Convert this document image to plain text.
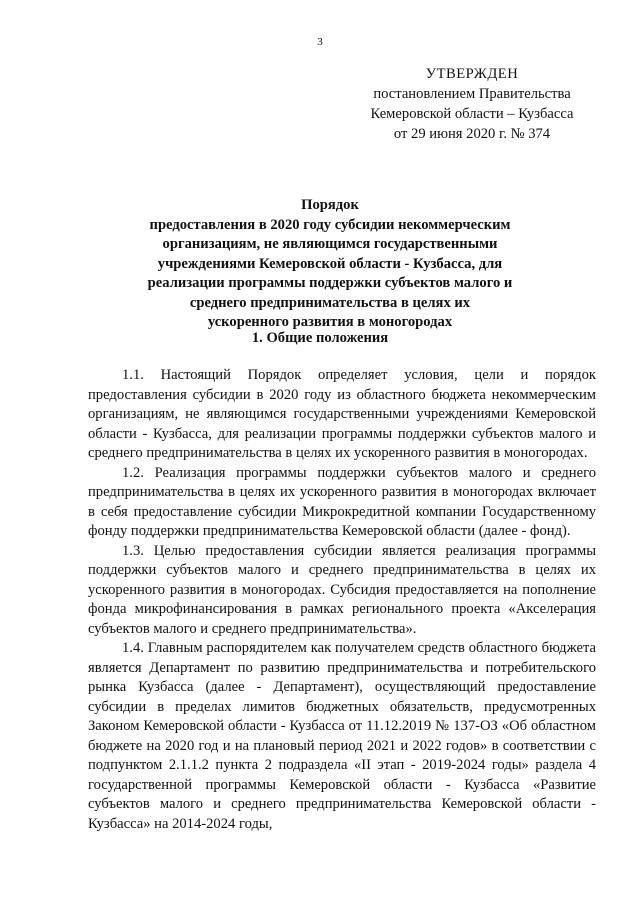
3
УТВЕРЖДЕН
постановлением Правительства
Кемеровской области – Кузбасса
от 29 июня 2020 г. № 374
Порядок
предоставления в 2020 году субсидии некоммерческим
организациям, не являющимся государственными
учреждениями Кемеровской области - Кузбасса, для
реализации программы поддержки субъектов малого и
среднего предпринимательства в целях их
ускоренного развития в моногородах
1. Общие положения

1.1. Настоящий Порядок определяет условия, цели и порядок предоставления субсидии в 2020 году из областного бюджета некоммерческим организациям, не являющимся государственными учреждениями Кемеровской области - Кузбасса, для реализации программы поддержки субъектов малого и среднего предпринимательства в целях их ускоренного развития в моногородах.

1.2. Реализация программы поддержки субъектов малого и среднего предпринимательства в целях их ускоренного развития в моногородах включает в себя предоставление субсидии Микрокредитной компании Государственному фонду поддержки предпринимательства Кемеровской области (далее - фонд).

1.3. Целью предоставления субсидии является реализация программы поддержки субъектов малого и среднего предпринимательства в целях их ускоренного развития в моногородах. Субсидия предоставляется на пополнение фонда микрофинансирования в рамках регионального проекта «Акселерация субъектов малого и среднего предпринимательства».

1.4. Главным распорядителем как получателем средств областного бюджета является Департамент по развитию предпринимательства и потребительского рынка Кузбасса (далее - Департамент), осуществляющий предоставление субсидии в пределах лимитов бюджетных обязательств, предусмотренных Законом Кемеровской области - Кузбасса от 11.12.2019 № 137-ОЗ «Об областном бюджете на 2020 год и на плановый период 2021 и 2022 годов» в соответствии с подпунктом 2.1.1.2 пункта 2 подраздела «II этап - 2019-2024 годы» раздела 4 государственной программы Кемеровской области - Кузбасса «Развитие субъектов малого и среднего предпринимательства Кемеровской области - Кузбасса» на 2014-2024 годы,
